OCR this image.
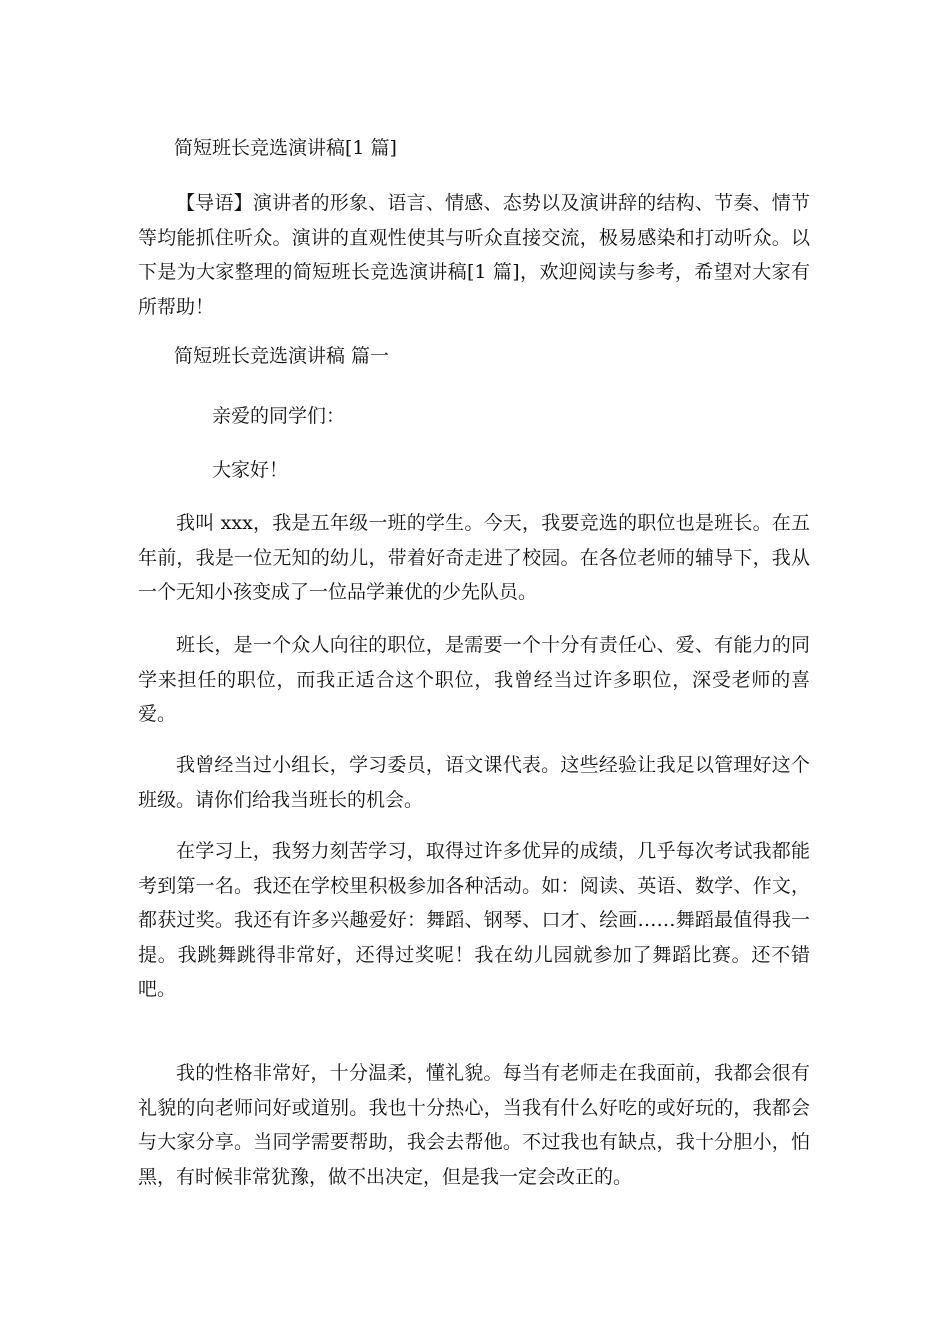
简短班长竞选演讲稿[1 篇]

【导语】演讲者的形象、语言、情感、态势以及演讲辞的结构、节奏、情节等均能抓住听众。演讲的直观性使其与听众直接交流，极易感染和打动听众。以下是为大家整理的简短班长竞选演讲稿[1 篇]，欢迎阅读与参考，希望对大家有所帮助！

简短班长竞选演讲稿 篇一

亲爱的同学们：

大家好！

我叫 xxx，我是五年级一班的学生。今天，我要竞选的职位也是班长。在五年前，我是一位无知的幼儿，带着好奇走进了校园。在各位老师的辅导下，我从一个无知小孩变成了一位品学兼优的少先队员。

班长，是一个众人向往的职位，是需要一个十分有责任心、爱、有能力的同学来担任的职位，而我正适合这个职位，我曾经当过许多职位，深受老师的喜爱。

我曾经当过小组长，学习委员，语文课代表。这些经验让我足以管理好这个班级。请你们给我当班长的机会。

在学习上，我努力刻苦学习，取得过许多优异的成绩，几乎每次考试我都能考到第一名。我还在学校里积极参加各种活动。如：阅读、英语、数学、作文，都获过奖。我还有许多兴趣爱好：舞蹈、钢琴、口才、绘画……舞蹈最值得我一提。我跳舞跳得非常好，还得过奖呢！我在幼儿园就参加了舞蹈比赛。还不错吧。

我的性格非常好，十分温柔，懂礼貌。每当有老师走在我面前，我都会很有礼貌的向老师问好或道别。我也十分热心，当我有什么好吃的或好玩的，我都会与大家分享。当同学需要帮助，我会去帮他。不过我也有缺点，我十分胆小，怕黑，有时候非常犹豫，做不出决定，但是我一定会改正的。
